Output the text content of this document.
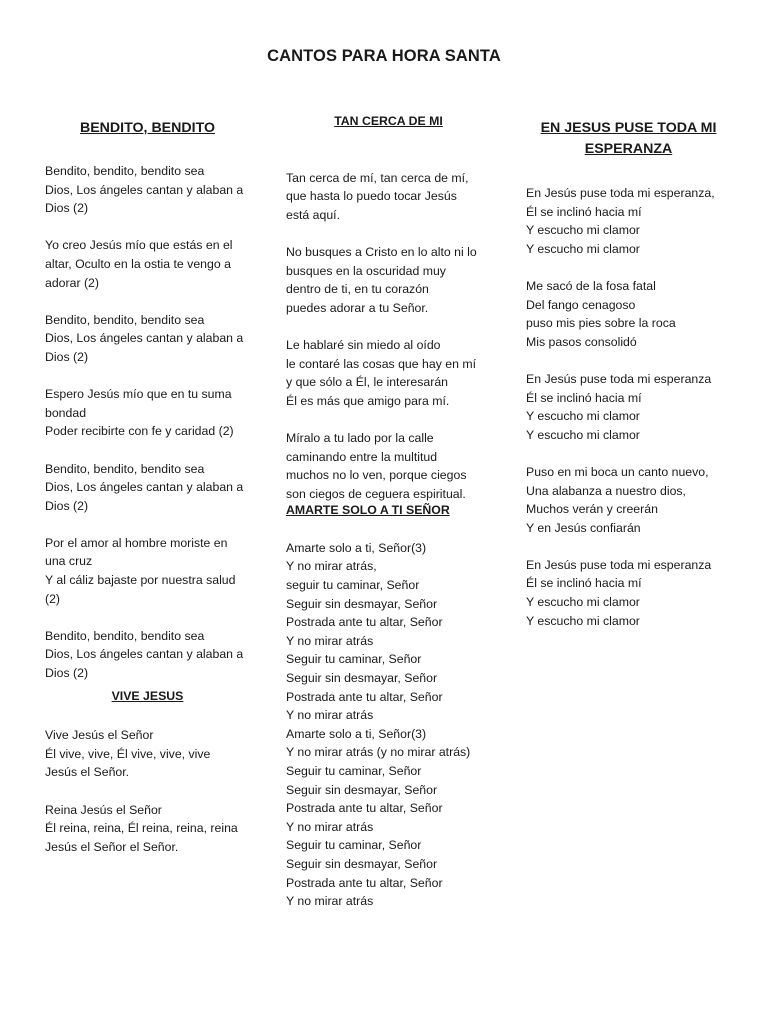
CANTOS PARA HORA SANTA
BENDITO, BENDITO
Bendito, bendito, bendito sea
Dios, Los ángeles cantan y alaban a
Dios (2)
Yo creo Jesús mío que estás en el
altar, Oculto en la ostia te vengo a
adorar (2)
Bendito, bendito, bendito sea
Dios, Los ángeles cantan y alaban a
Dios (2)
Espero Jesús mío que en tu suma
bondad
Poder recibirte con fe y caridad (2)
Bendito, bendito, bendito sea
Dios, Los ángeles cantan y alaban a
Dios (2)
Por el amor al hombre moriste en
una cruz
Y al cáliz bajaste por nuestra salud
(2)
Bendito, bendito, bendito sea
Dios, Los ángeles cantan y alaban a
Dios (2)
VIVE JESUS
Vive Jesús el Señor
Él vive, vive, Él vive, vive, vive
Jesús el Señor.
Reina Jesús el Señor
Él reina, reina, Él reina, reina, reina
Jesús el Señor el Señor.
TAN CERCA DE MI
Tan cerca de mí, tan cerca de mí,
que hasta lo puedo tocar Jesús
está aquí.
No busques a Cristo en lo alto ni lo
busques en la oscuridad muy
dentro de ti, en tu corazón
puedes adorar a tu Señor.
Le hablaré sin miedo al oído
le contaré las cosas que hay en mí
y que sólo a Él, le interesarán
Él es más que amigo para mí.
Míralo a tu lado por la calle
caminando entre la multitud
muchos no lo ven, porque ciegos
son ciegos de ceguera espiritual.
AMARTE SOLO A TI SEÑOR
Amarte solo a ti, Señor(3)
Y no mirar atrás,
seguir tu caminar, Señor
Seguir sin desmayar, Señor
Postrada ante tu altar, Señor
Y no mirar atrás
Seguir tu caminar, Señor
Seguir sin desmayar, Señor
Postrada ante tu altar, Señor
Y no mirar atrás
Amarte solo a ti, Señor(3)
Y no mirar atrás (y no mirar atrás)
Seguir tu caminar, Señor
Seguir sin desmayar, Señor
Postrada ante tu altar, Señor
Y no mirar atrás
Seguir tu caminar, Señor
Seguir sin desmayar, Señor
Postrada ante tu altar, Señor
Y no mirar atrás
EN JESUS PUSE TODA MI
ESPERANZA
En Jesús puse toda mi esperanza,
Él se inclinó hacia mí
Y escucho mi clamor
Y escucho mi clamor
Me sacó de la fosa fatal
Del fango cenagoso
puso mis pies sobre la roca
Mis pasos consolidó
En Jesús puse toda mi esperanza
Él se inclinó hacia mí
Y escucho mi clamor
Y escucho mi clamor
Puso en mi boca un canto nuevo,
Una alabanza a nuestro dios,
Muchos verán y creerán
Y en Jesús confiarán
En Jesús puse toda mi esperanza
Él se inclinó hacia mí
Y escucho mi clamor
Y escucho mi clamor
